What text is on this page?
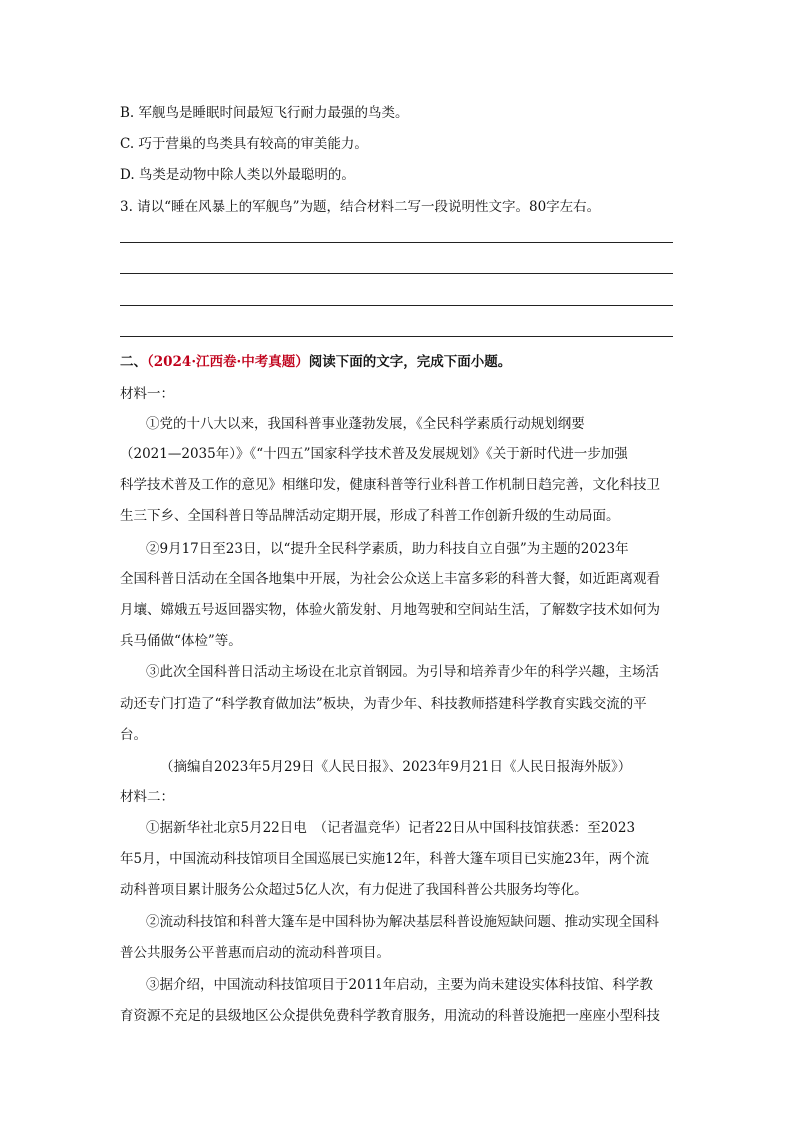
B. 军舰鸟是睡眠时间最短飞行耐力最强的鸟类。
C. 巧于营巢的鸟类具有较高的审美能力。
D. 鸟类是动物中除人类以外最聪明的。
3. 请以“睡在风暴上的军舰鸟”为题，结合材料二写一段说明性文字。80字左右。
二、（2024·江西卷·中考真题）阅读下面的文字，完成下面小题。
材料一：
①党的十八大以来，我国科普事业蓬勃发展，《全民科学素质行动规划纲要
（2021—2035年）》《“十四五”国家科学技术普及发展规划》《关于新时代进一步加强
科学技术普及工作的意见》相继印发，健康科普等行业科普工作机制日趋完善，文化科技卫
生三下乡、全国科普日等品牌活动定期开展，形成了科普工作创新升级的生动局面。
②9月17日至23日，以“提升全民科学素质，助力科技自立自强”为主题的2023年
全国科普日活动在全国各地集中开展，为社会公众送上丰富多彩的科普大餐，如近距离观看
月壤、嫦娥五号返回器实物，体验火箭发射、月地驾驶和空间站生活，了解数字技术如何为
兵马俑做“体检”等。
③此次全国科普日活动主场设在北京首钢园。为引导和培养青少年的科学兴趣，主场活
动还专门打造了“科学教育做加法”板块，为青少年、科技教师搭建科学教育实践交流的平
台。
（摘编自2023年5月29日《人民日报》、2023年9月21日《人民日报海外版》）
材料二：
①据新华社北京5月22日电　（记者温竞华）记者22日从中国科技馆获悉：至2023
年5月，中国流动科技馆项目全国巡展已实施12年，科普大篷车项目已实施23年，两个流
动科普项目累计服务公众超过5亿人次，有力促进了我国科普公共服务均等化。
②流动科技馆和科普大篷车是中国科协为解决基层科普设施短缺问题、推动实现全国科
普公共服务公平普惠而启动的流动科普项目。
③据介绍，中国流动科技馆项目于2011年启动，主要为尚未建设实体科技馆、科学教
育资源不充足的县级地区公众提供免费科学教育服务，用流动的科普设施把一座座小型科技
